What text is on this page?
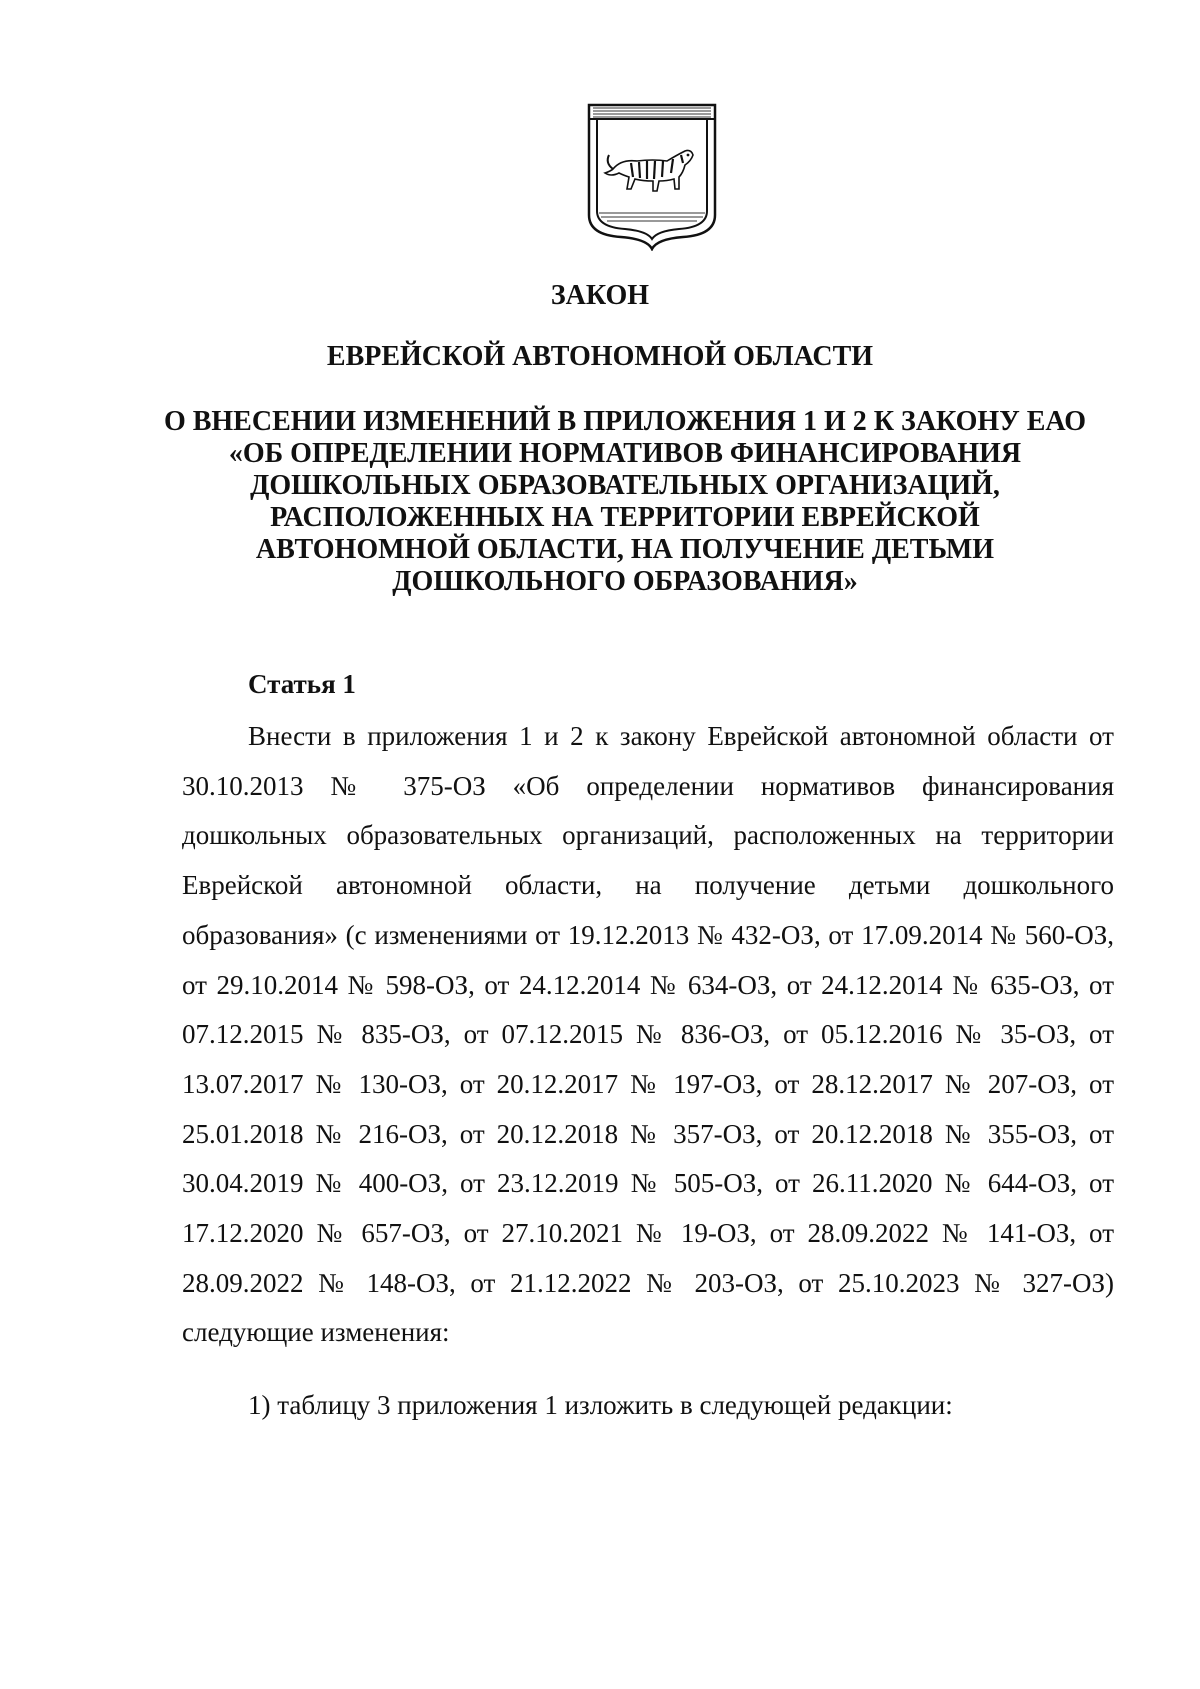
ЗАКОН
ЕВРЕЙСКОЙ АВТОНОМНОЙ ОБЛАСТИ
О ВНЕСЕНИИ ИЗМЕНЕНИЙ В ПРИЛОЖЕНИЯ 1 И 2 К ЗАКОНУ ЕАО
«ОБ ОПРЕДЕЛЕНИИ НОРМАТИВОВ ФИНАНСИРОВАНИЯ
ДОШКОЛЬНЫХ ОБРАЗОВАТЕЛЬНЫХ ОРГАНИЗАЦИЙ,
РАСПОЛОЖЕННЫХ НА ТЕРРИТОРИИ ЕВРЕЙСКОЙ
АВТОНОМНОЙ ОБЛАСТИ, НА ПОЛУЧЕНИЕ ДЕТЬМИ
ДОШКОЛЬНОГО ОБРАЗОВАНИЯ»
Статья 1

Внести в приложения 1 и 2 к закону Еврейской автономной области от 30.10.2013 № 375-ОЗ «Об определении нормативов финансирования дошкольных образовательных организаций, расположенных на территории Еврейской автономной области, на получение детьми дошкольного образования» (с изменениями от 19.12.2013 № 432-ОЗ, от 17.09.2014 № 560-ОЗ, от 29.10.2014 № 598-ОЗ, от 24.12.2014 № 634-ОЗ, от 24.12.2014 № 635-ОЗ, от 07.12.2015 № 835-ОЗ, от 07.12.2015 № 836-ОЗ, от 05.12.2016 № 35-ОЗ, от 13.07.2017 № 130-ОЗ, от 20.12.2017 № 197-ОЗ, от 28.12.2017 № 207-ОЗ, от 25.01.2018 № 216-ОЗ, от 20.12.2018 № 357-ОЗ, от 20.12.2018 № 355-ОЗ, от 30.04.2019 № 400-ОЗ, от 23.12.2019 № 505-ОЗ, от 26.11.2020 № 644-ОЗ, от 17.12.2020 № 657-ОЗ, от 27.10.2021 № 19-ОЗ, от 28.09.2022 № 141-ОЗ, от 28.09.2022 № 148-ОЗ, от 21.12.2022 № 203-ОЗ, от 25.10.2023 № 327-ОЗ) следующие изменения:

1) таблицу 3 приложения 1 изложить в следующей редакции:
